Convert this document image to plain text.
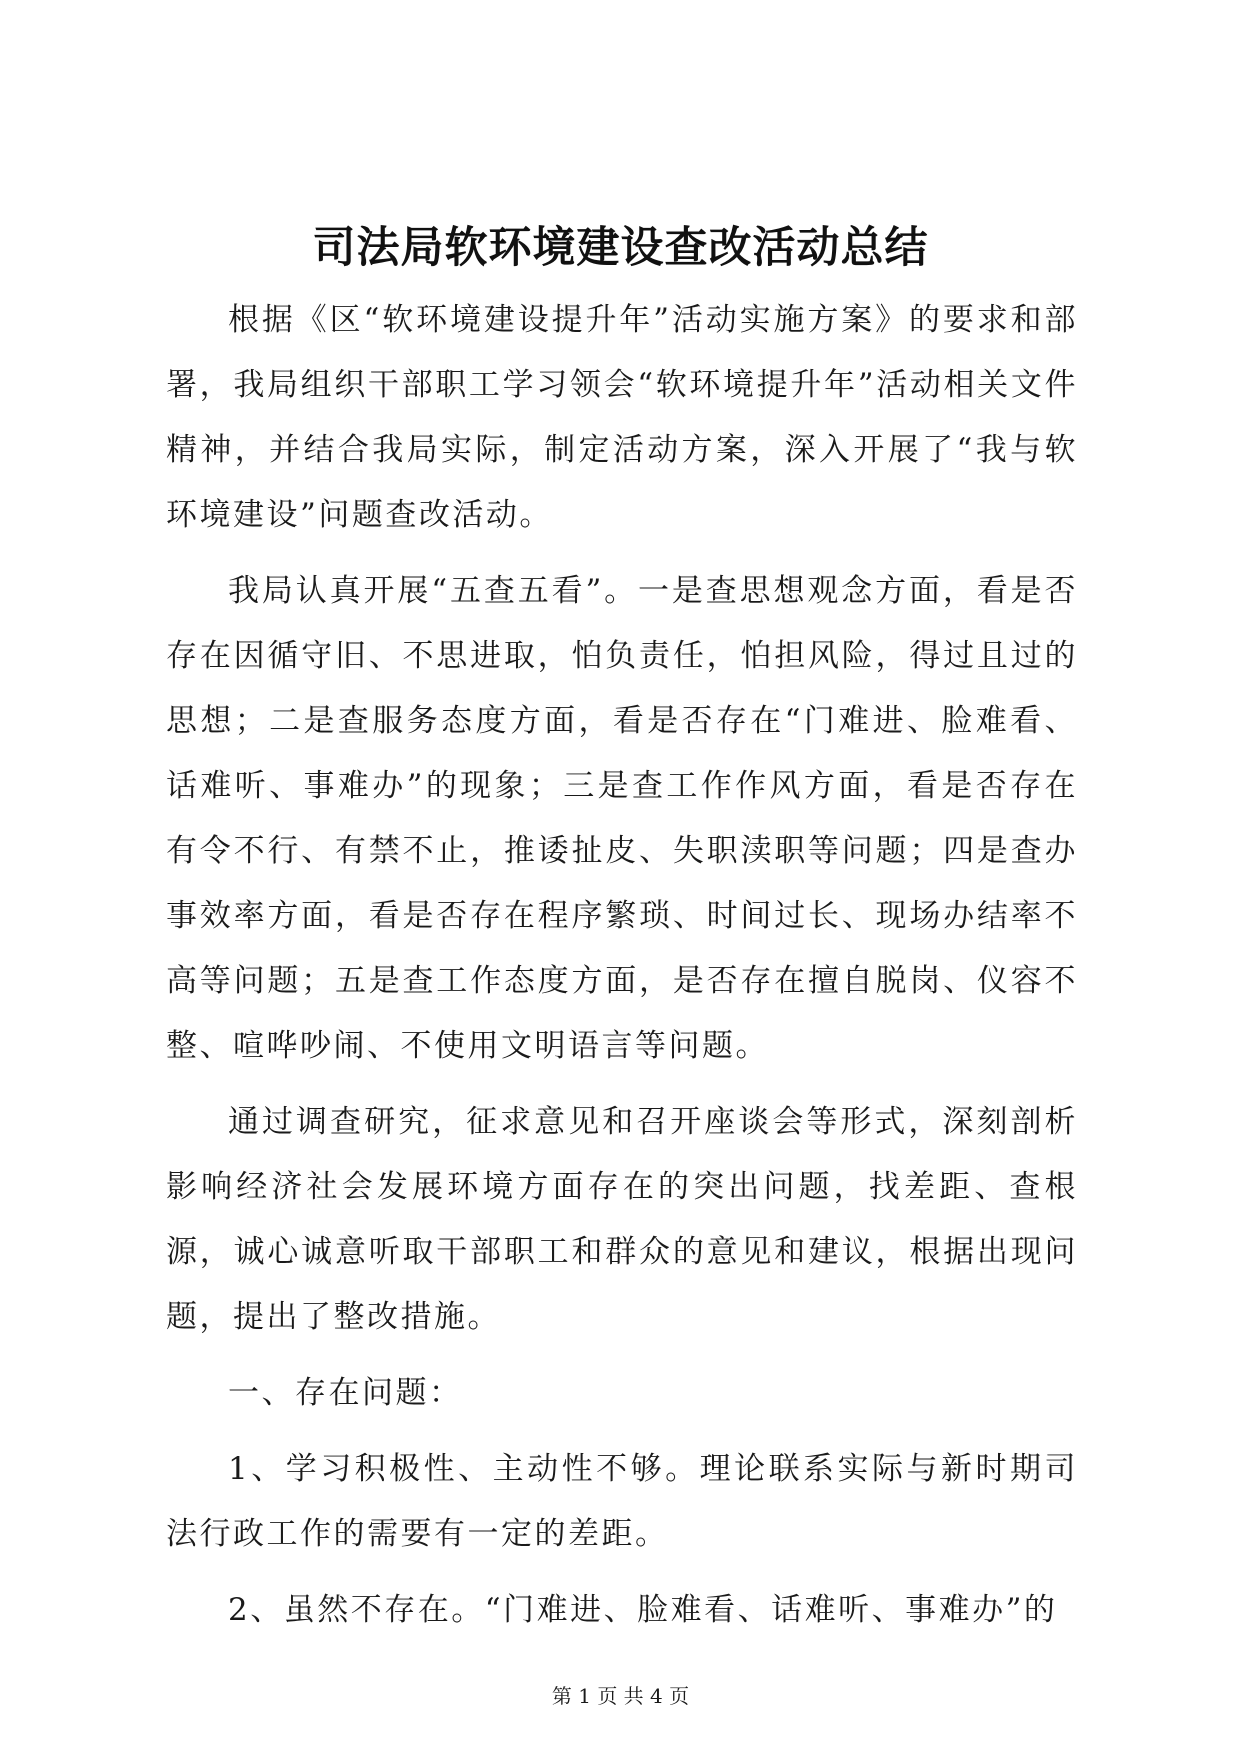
司法局软环境建设查改活动总结

根据《区“软环境建设提升年”活动实施方案》的要求和部署，我局组织干部职工学习领会“软环境提升年”活动相关文件精神，并结合我局实际，制定活动方案，深入开展了“我与软环境建设”问题查改活动。

我局认真开展“五查五看”。一是查思想观念方面，看是否存在因循守旧、不思进取，怕负责任，怕担风险，得过且过的思想；二是查服务态度方面，看是否存在“门难进、脸难看、话难听、事难办”的现象；三是查工作作风方面，看是否存在有令不行、有禁不止，推诿扯皮、失职渎职等问题；四是查办事效率方面，看是否存在程序繁琐、时间过长、现场办结率不高等问题；五是查工作态度方面，是否存在擅自脱岗、仪容不整、喧哗吵闹、不使用文明语言等问题。

通过调查研究，征求意见和召开座谈会等形式，深刻剖析影响经济社会发展环境方面存在的突出问题，找差距、查根源，诚心诚意听取干部职工和群众的意见和建议，根据出现问题，提出了整改措施。

一、存在问题：

1、学习积极性、主动性不够。理论联系实际与新时期司法行政工作的需要有一定的差距。

2、虽然不存在。“门难进、脸难看、话难听、事难办”的

第 1 页 共 4 页
